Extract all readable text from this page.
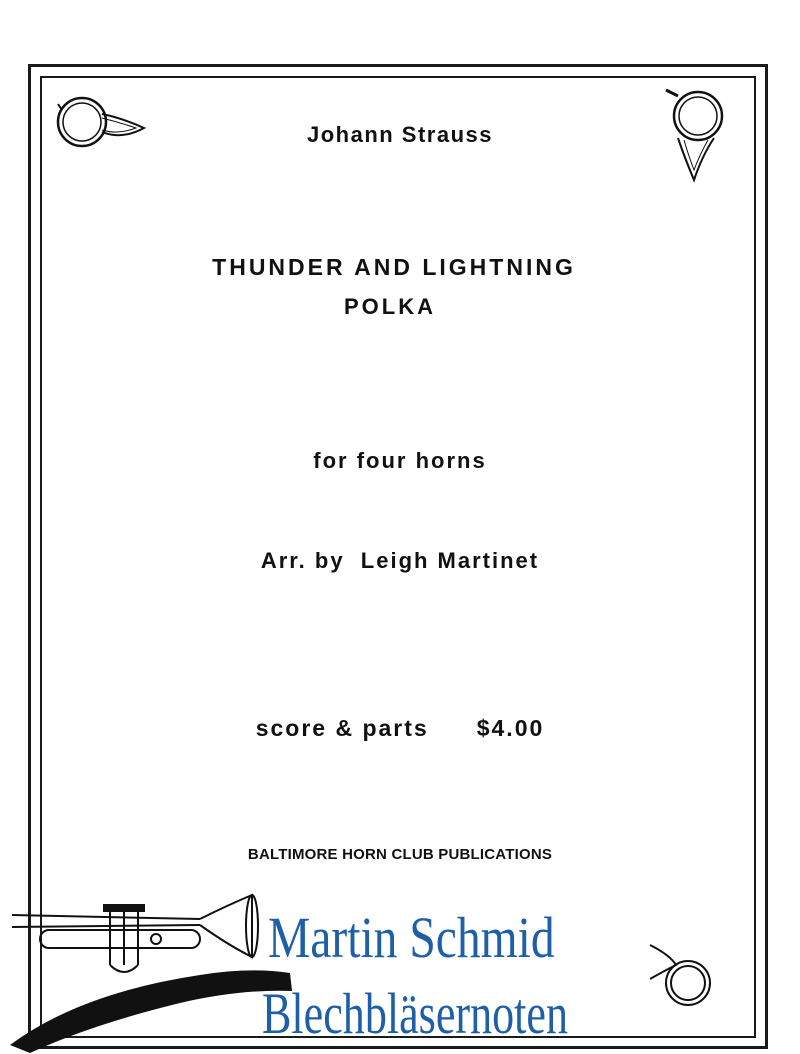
Johann Strauss
THUNDER AND LIGHTNING
POLKA
for four horns
Arr. by  Leigh Martinet
score & parts $4.00
BALTIMORE HORN CLUB PUBLICATIONS
Martin Schmid
Blechbläsernoten
